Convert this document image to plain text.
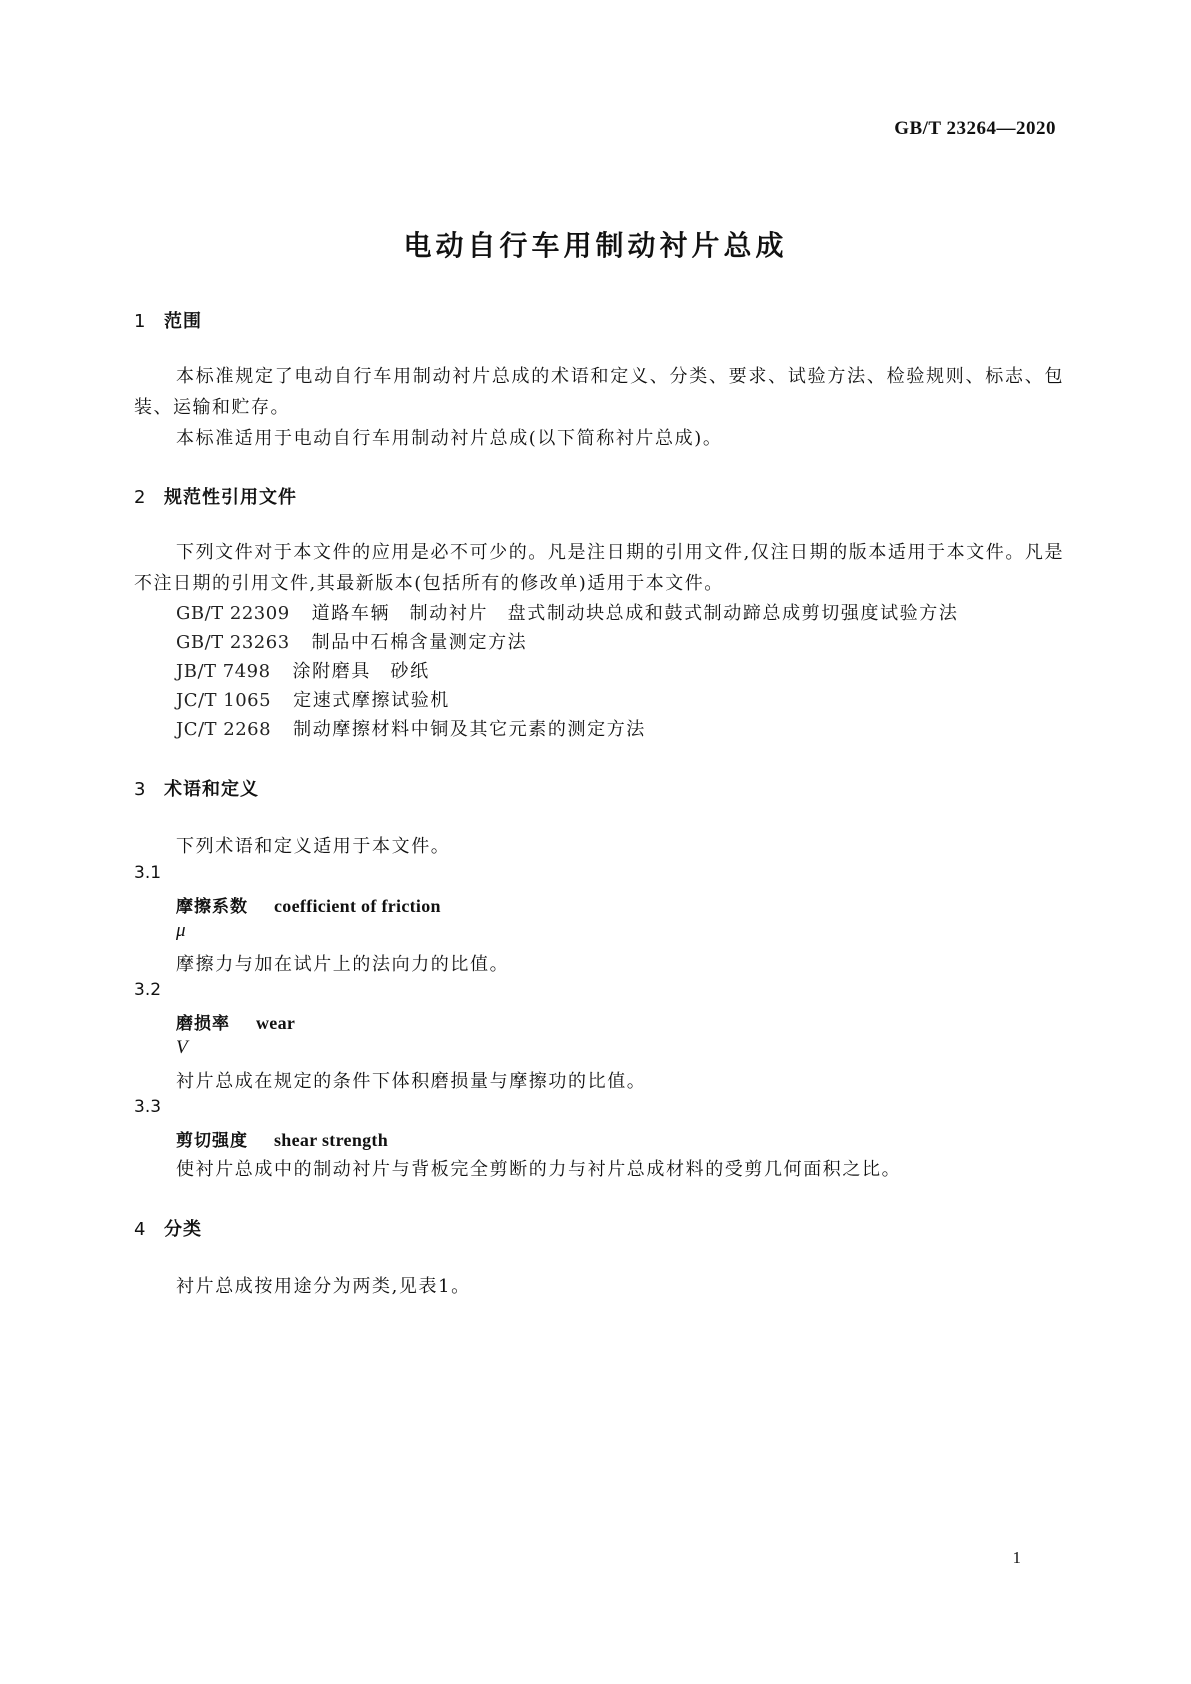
GB/T 23264—2020
电动自行车用制动衬片总成
1 范围
本标准规定了电动自行车用制动衬片总成的术语和定义、分类、要求、试验方法、检验规则、标志、包装、运输和贮存。
本标准适用于电动自行车用制动衬片总成(以下简称衬片总成)。
2 规范性引用文件
下列文件对于本文件的应用是必不可少的。凡是注日期的引用文件,仅注日期的版本适用于本文件。凡是不注日期的引用文件,其最新版本(包括所有的修改单)适用于本文件。
GB/T 22309 道路车辆　制动衬片　盘式制动块总成和鼓式制动蹄总成剪切强度试验方法
GB/T 23263 制品中石棉含量测定方法
JB/T 7498 涂附磨具　砂纸
JC/T 1065 定速式摩擦试验机
JC/T 2268 制动摩擦材料中铜及其它元素的测定方法
3 术语和定义
下列术语和定义适用于本文件。
3.1
摩擦系数 coefficient of friction
μ
摩擦力与加在试片上的法向力的比值。
3.2
磨损率 wear
V
衬片总成在规定的条件下体积磨损量与摩擦功的比值。
3.3
剪切强度 shear strength
使衬片总成中的制动衬片与背板完全剪断的力与衬片总成材料的受剪几何面积之比。
4 分类
衬片总成按用途分为两类,见表1。
1
